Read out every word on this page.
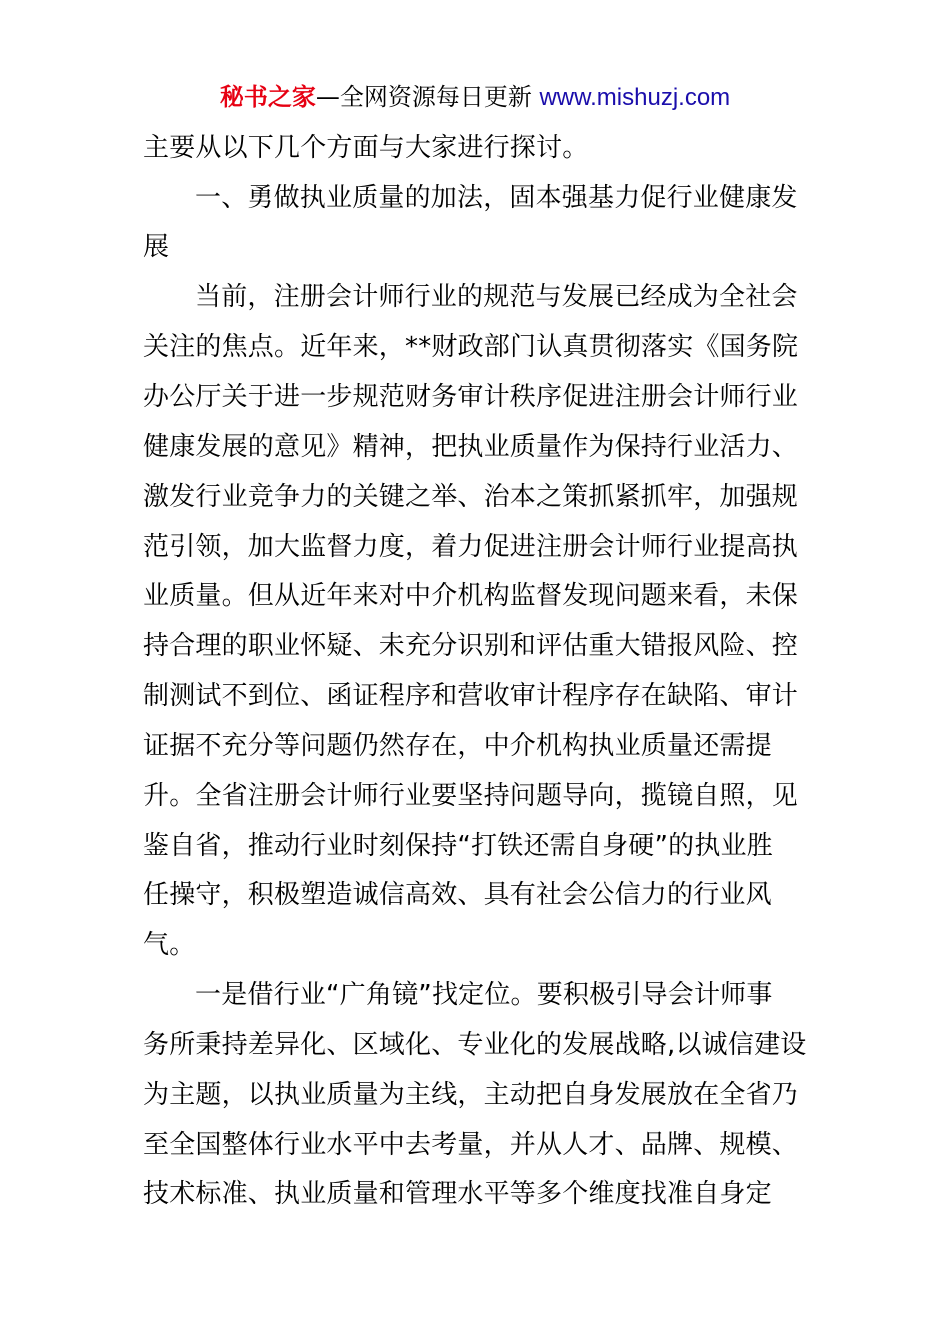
秘书之家—全网资源每日更新 www.mishuzj.com
主要从以下几个方面与大家进行探讨。
一、勇做执业质量的加法，固本强基力促行业健康发
展
当前，注册会计师行业的规范与发展已经成为全社会
关注的焦点。近年来，**财政部门认真贯彻落实《国务院
办公厅关于进一步规范财务审计秩序促进注册会计师行业
健康发展的意见》精神，把执业质量作为保持行业活力、
激发行业竞争力的关键之举、治本之策抓紧抓牢，加强规
范引领，加大监督力度，着力促进注册会计师行业提高执
业质量。但从近年来对中介机构监督发现问题来看，未保
持合理的职业怀疑、未充分识别和评估重大错报风险、控
制测试不到位、函证程序和营收审计程序存在缺陷、审计
证据不充分等问题仍然存在，中介机构执业质量还需提
升。全省注册会计师行业要坚持问题导向，揽镜自照，见
鉴自省，推动行业时刻保持“打铁还需自身硬”的执业胜
任操守，积极塑造诚信高效、具有社会公信力的行业风
气。
一是借行业“广角镜”找定位。要积极引导会计师事
务所秉持差异化、区域化、专业化的发展战略,以诚信建设
为主题，以执业质量为主线，主动把自身发展放在全省乃
至全国整体行业水平中去考量，并从人才、品牌、规模、
技术标准、执业质量和管理水平等多个维度找准自身定
